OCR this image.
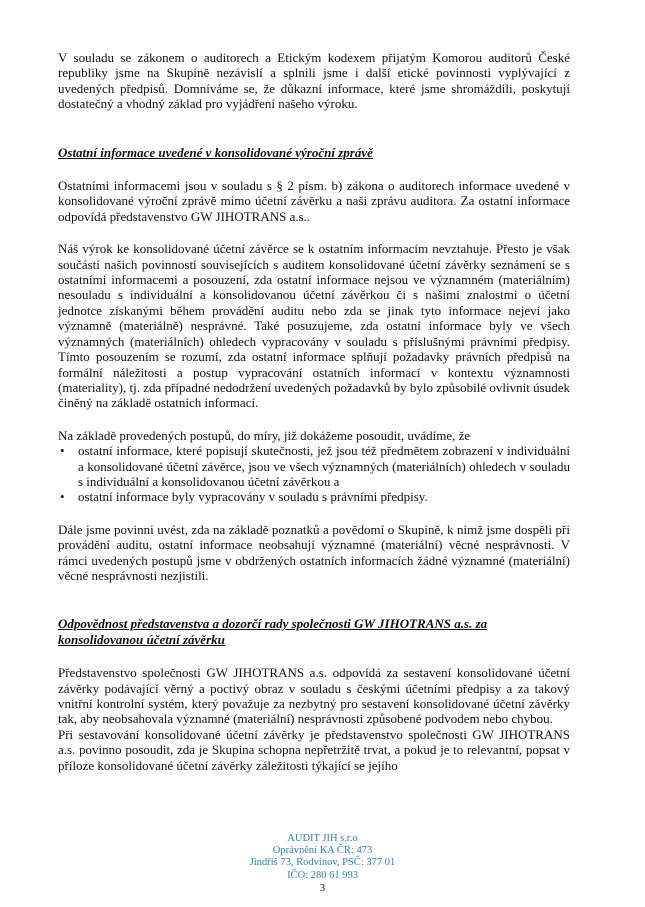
V souladu se zákonem o auditorech a Etickým kodexem přijatým Komorou auditorů České republiky jsme na Skupině nezávislí a splnili jsme i další etické povinnosti vyplývající z uvedených předpisů. Domníváme se, že důkazní informace, které jsme shromáždili, poskytují dostatečný a vhodný základ pro vyjádření našeho výroku.

Ostatní informace uvedené v konsolidované výroční zprávě

Ostatními informacemi jsou v souladu s § 2 písm. b) zákona o auditorech informace uvedené v konsolidované výroční zprávě mimo účetní závěrku a naši zprávu auditora. Za ostatní informace odpovídá představenstvo GW JIHOTRANS a.s..

Náš výrok ke konsolidované účetní závěrce se k ostatním informacím nevztahuje. Přesto je však součástí našich povinností souvisejících s auditem konsolidované účetní závěrky seznámení se s ostatními informacemi a posouzení, zda ostatní informace nejsou ve významném (materiálním) nesouladu s individuální a konsolidovanou účetní závěrkou či s našimi znalostmi o účetní jednotce získanými během provádění auditu nebo zda se jinak tyto informace nejeví jako významně (materiálně) nesprávné. Také posuzujeme, zda ostatní informace byly ve všech významných (materiálních) ohledech vypracovány v souladu s příslušnými právními předpisy. Tímto posouzením se rozumí, zda ostatní informace splňují požadavky právních předpisů na formální náležitosti a postup vypracování ostatních informací v kontextu významnosti (materiality), tj. zda případné nedodržení uvedených požadavků by bylo způsobilé ovlivnit úsudek činěný na základě ostatních informací.

Na základě provedených postupů, do míry, již dokážeme posoudit, uvádíme, že

• ostatní informace, které popisují skutečnosti, jež jsou též předmětem zobrazení v individuální a konsolidované účetní závěrce, jsou ve všech významných (materiálních) ohledech v souladu s individuální a konsolidovanou účetní závěrkou a
• ostatní informace byly vypracovány v souladu s právními předpisy.

Dále jsme povinni uvést, zda na základě poznatků a povědomí o Skupině, k nimž jsme dospěli při provádění auditu, ostatní informace neobsahují významné (materiální) věcné nesprávnosti. V rámci uvedených postupů jsme v obdržených ostatních informacích žádné významné (materiální) věcné nesprávnosti nezjistili.

Odpovědnost představenstva a dozorčí rady společnosti GW JIHOTRANS a.s. za konsolidovanou účetní závěrku

Představenstvo společnosti GW JIHOTRANS a.s. odpovídá za sestavení konsolidované účetní závěrky podávající věrný a poctivý obraz v souladu s českými účetními předpisy a za takový vnitřní kontrolní systém, který považuje za nezbytný pro sestavení konsolidované účetní závěrky tak, aby neobsahovala významné (materiální) nesprávnosti způsobené podvodem nebo chybou.

Při sestavování konsolidované účetní závěrky je představenstvo společnosti GW JIHOTRANS a.s. povinno posoudit, zda je Skupina schopna nepřetržitě trvat, a pokud je to relevantní, popsat v příloze konsolidované účetní závěrky záležitosti týkající se jejího

AUDIT JIH s.r.o
Oprávnění KA ČR: 473
Jindřiš 73, Rodvínov, PSČ: 377 01
IČO: 280 61 993
3
